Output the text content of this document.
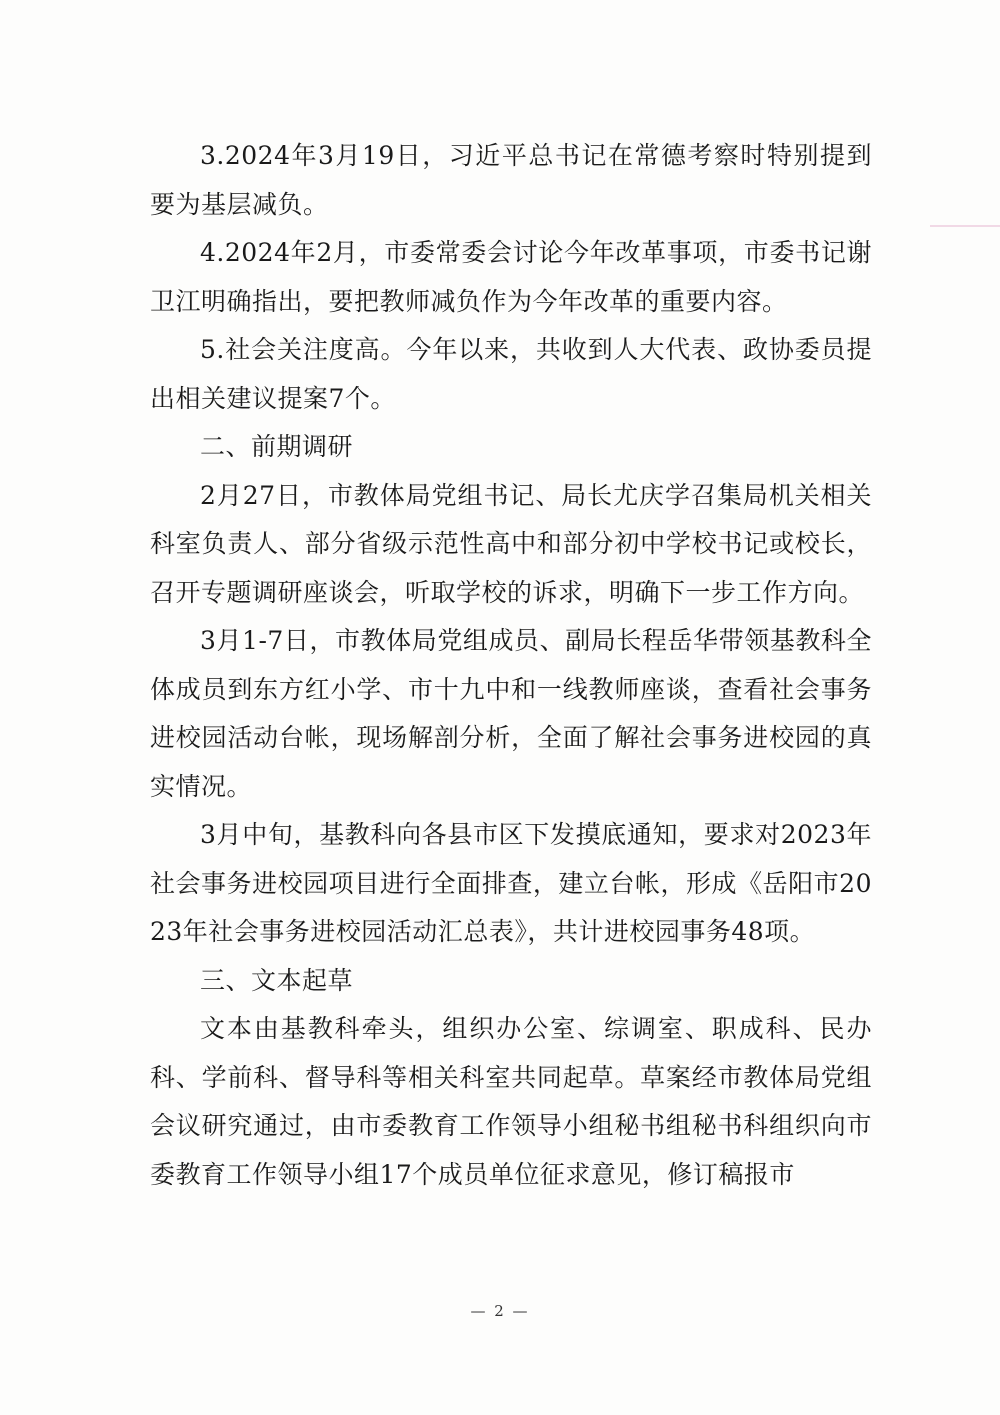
3.2024年3月19日，习近平总书记在常德考察时特别提到要为基层减负。

4.2024年2月，市委常委会讨论今年改革事项，市委书记谢卫江明确指出，要把教师减负作为今年改革的重要内容。

5.社会关注度高。今年以来，共收到人大代表、政协委员提出相关建议提案7个。

二、前期调研

2月27日，市教体局党组书记、局长尤庆学召集局机关相关科室负责人、部分省级示范性高中和部分初中学校书记或校长，召开专题调研座谈会，听取学校的诉求，明确下一步工作方向。

3月1-7日，市教体局党组成员、副局长程岳华带领基教科全体成员到东方红小学、市十九中和一线教师座谈，查看社会事务进校园活动台帐，现场解剖分析，全面了解社会事务进校园的真实情况。

3月中旬，基教科向各县市区下发摸底通知，要求对2023年社会事务进校园项目进行全面排查，建立台帐，形成《岳阳市2023年社会事务进校园活动汇总表》，共计进校园事务48项。

三、文本起草

文本由基教科牵头，组织办公室、综调室、职成科、民办科、学前科、督导科等相关科室共同起草。草案经市教体局党组会议研究通过，由市委教育工作领导小组秘书组秘书科组织向市委教育工作领导小组17个成员单位征求意见，修订稿报市

— 2 —
